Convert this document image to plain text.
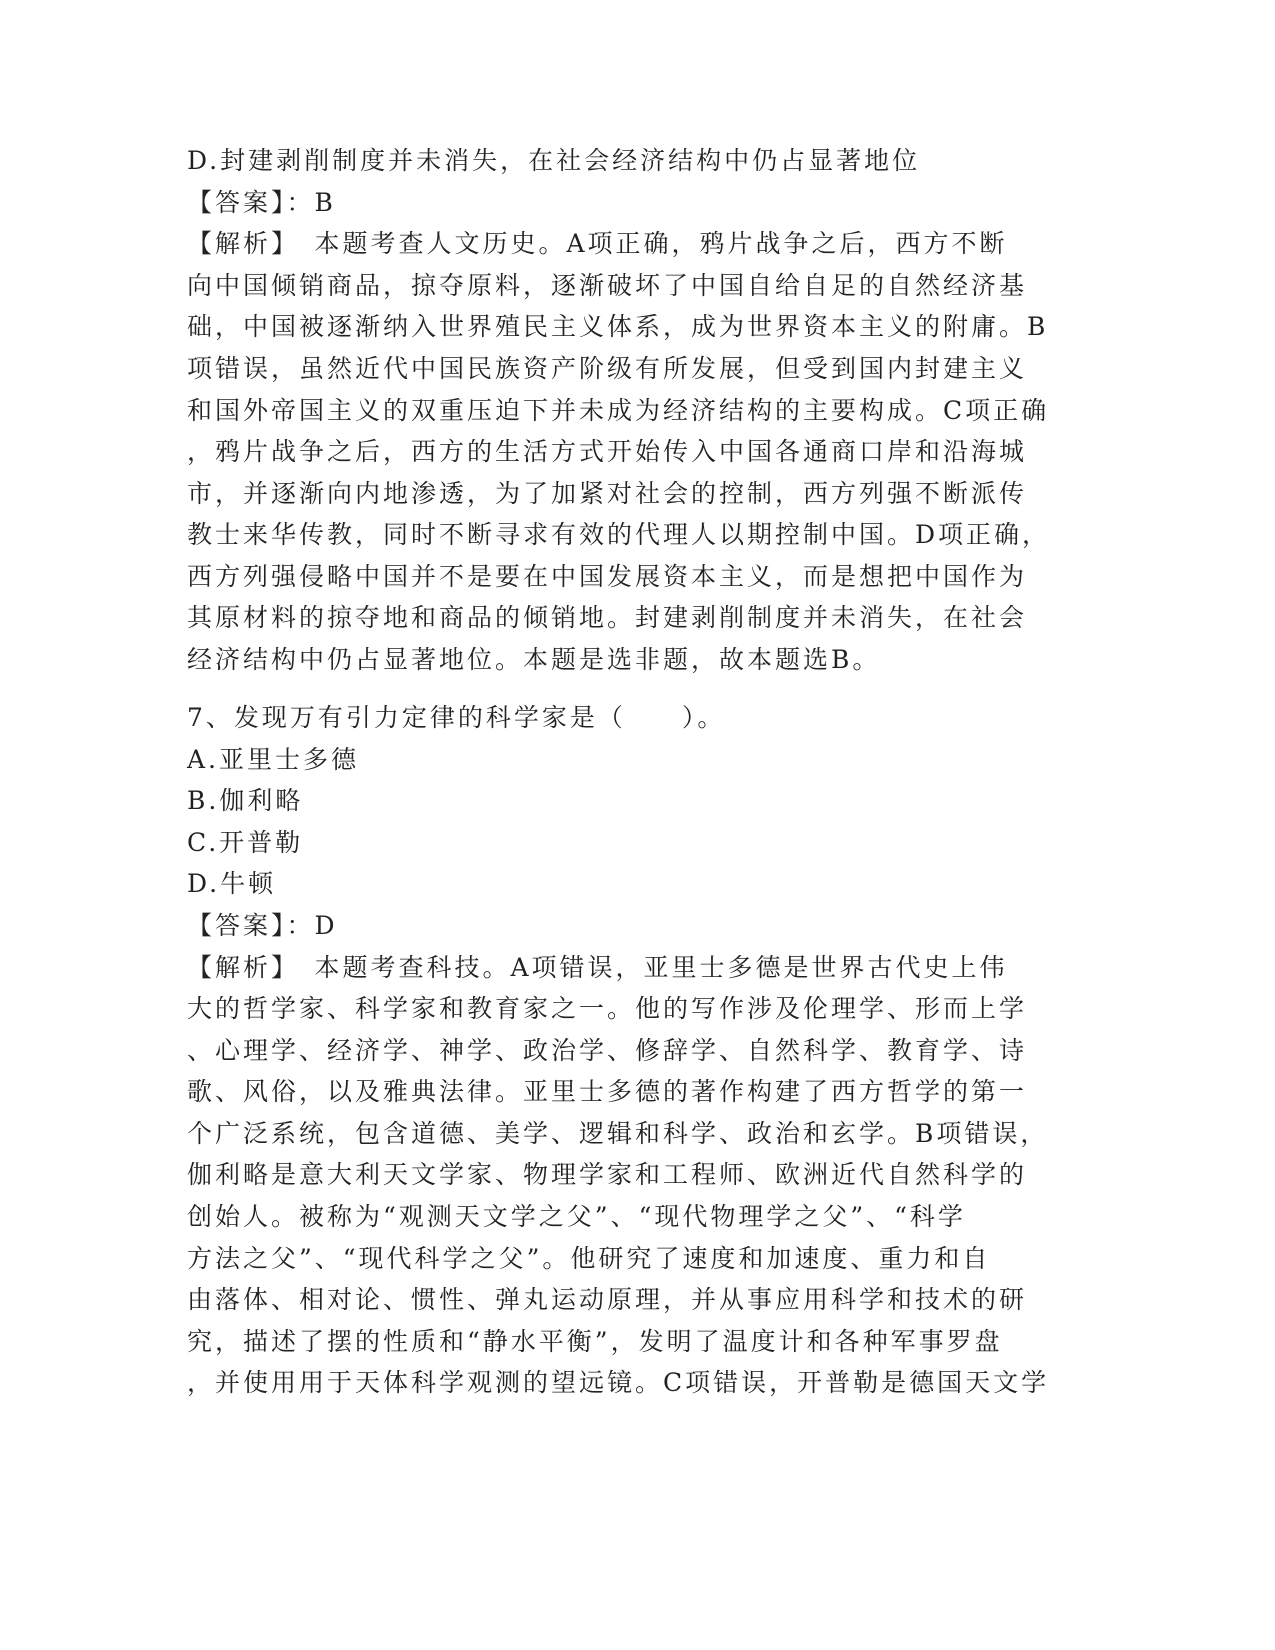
D.封建剥削制度并未消失，在社会经济结构中仍占显著地位
【答案】：B
【解析】　本题考查人文历史。A项正确，鸦片战争之后，西方不断
向中国倾销商品，掠夺原料，逐渐破坏了中国自给自足的自然经济基
础，中国被逐渐纳入世界殖民主义体系，成为世界资本主义的附庸。B
项错误，虽然近代中国民族资产阶级有所发展，但受到国内封建主义
和国外帝国主义的双重压迫下并未成为经济结构的主要构成。C项正确
，鸦片战争之后，西方的生活方式开始传入中国各通商口岸和沿海城
市，并逐渐向内地渗透，为了加紧对社会的控制，西方列强不断派传
教士来华传教，同时不断寻求有效的代理人以期控制中国。D项正确，
西方列强侵略中国并不是要在中国发展资本主义，而是想把中国作为
其原材料的掠夺地和商品的倾销地。封建剥削制度并未消失，在社会
经济结构中仍占显著地位。本题是选非题，故本题选B。
7、发现万有引力定律的科学家是（　　）。
A.亚里士多德
B.伽利略
C.开普勒
D.牛顿
【答案】：D
【解析】　本题考查科技。A项错误，亚里士多德是世界古代史上伟
大的哲学家、科学家和教育家之一。他的写作涉及伦理学、形而上学
、心理学、经济学、神学、政治学、修辞学、自然科学、教育学、诗
歌、风俗，以及雅典法律。亚里士多德的著作构建了西方哲学的第一
个广泛系统，包含道德、美学、逻辑和科学、政治和玄学。B项错误，
伽利略是意大利天文学家、物理学家和工程师、欧洲近代自然科学的
创始人。被称为“观测天文学之父”、“现代物理学之父”、“科学
方法之父”、“现代科学之父”。他研究了速度和加速度、重力和自
由落体、相对论、惯性、弹丸运动原理，并从事应用科学和技术的研
究，描述了摆的性质和“静水平衡”，发明了温度计和各种军事罗盘
，并使用用于天体科学观测的望远镜。C项错误，开普勒是德国天文学
